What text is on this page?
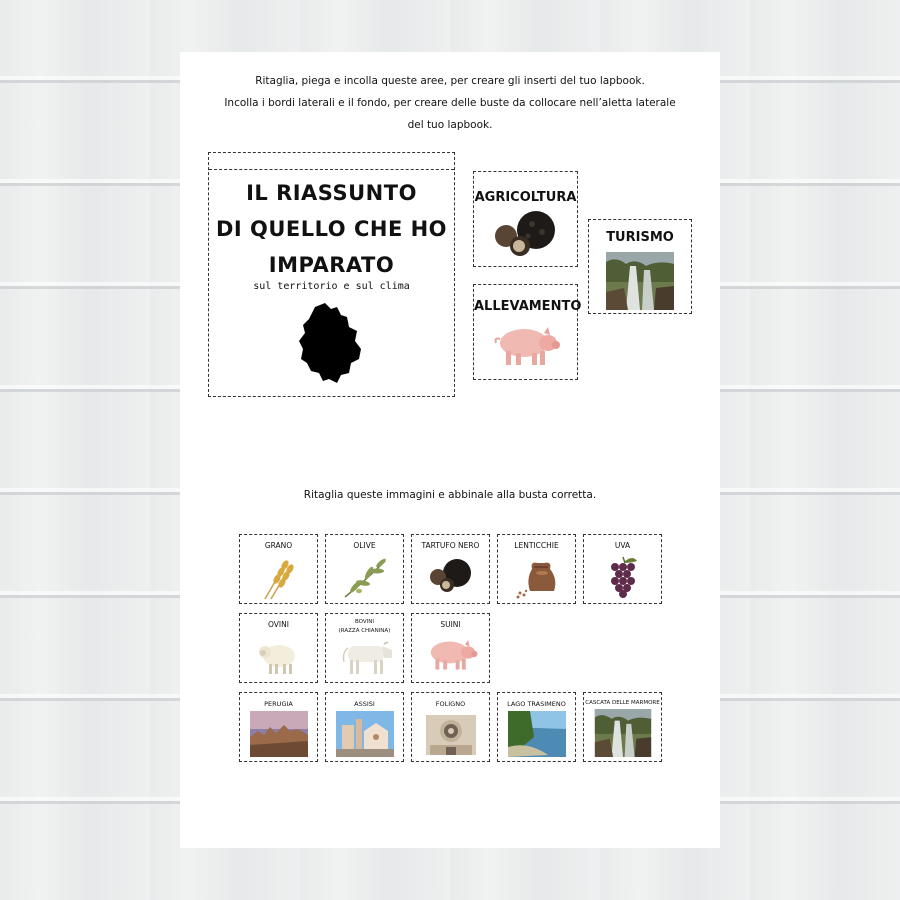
Ritaglia, piega e incolla queste aree, per creare gli inserti del tuo lapbook.
Incolla i bordi laterali e il fondo, per creare delle buste da collocare nell’aletta laterale
del tuo lapbook.
IL RIASSUNTO
DI QUELLO CHE HO
IMPARATO
sul territorio e sul clima
AGRICOLTURA
ALLEVAMENTO
TURISMO
Ritaglia queste immagini e abbinale alla busta corretta.
GRANO	OLIVE	TARTUFO NERO	LENTICCHIE	UVA
OVINI	BOVINI
(RAZZA CHIANINA)
SUINI
PERUGIA	ASSISI	FOLIGNO	LAGO TRASIMENO	CASCATA DELLE MARMORE
